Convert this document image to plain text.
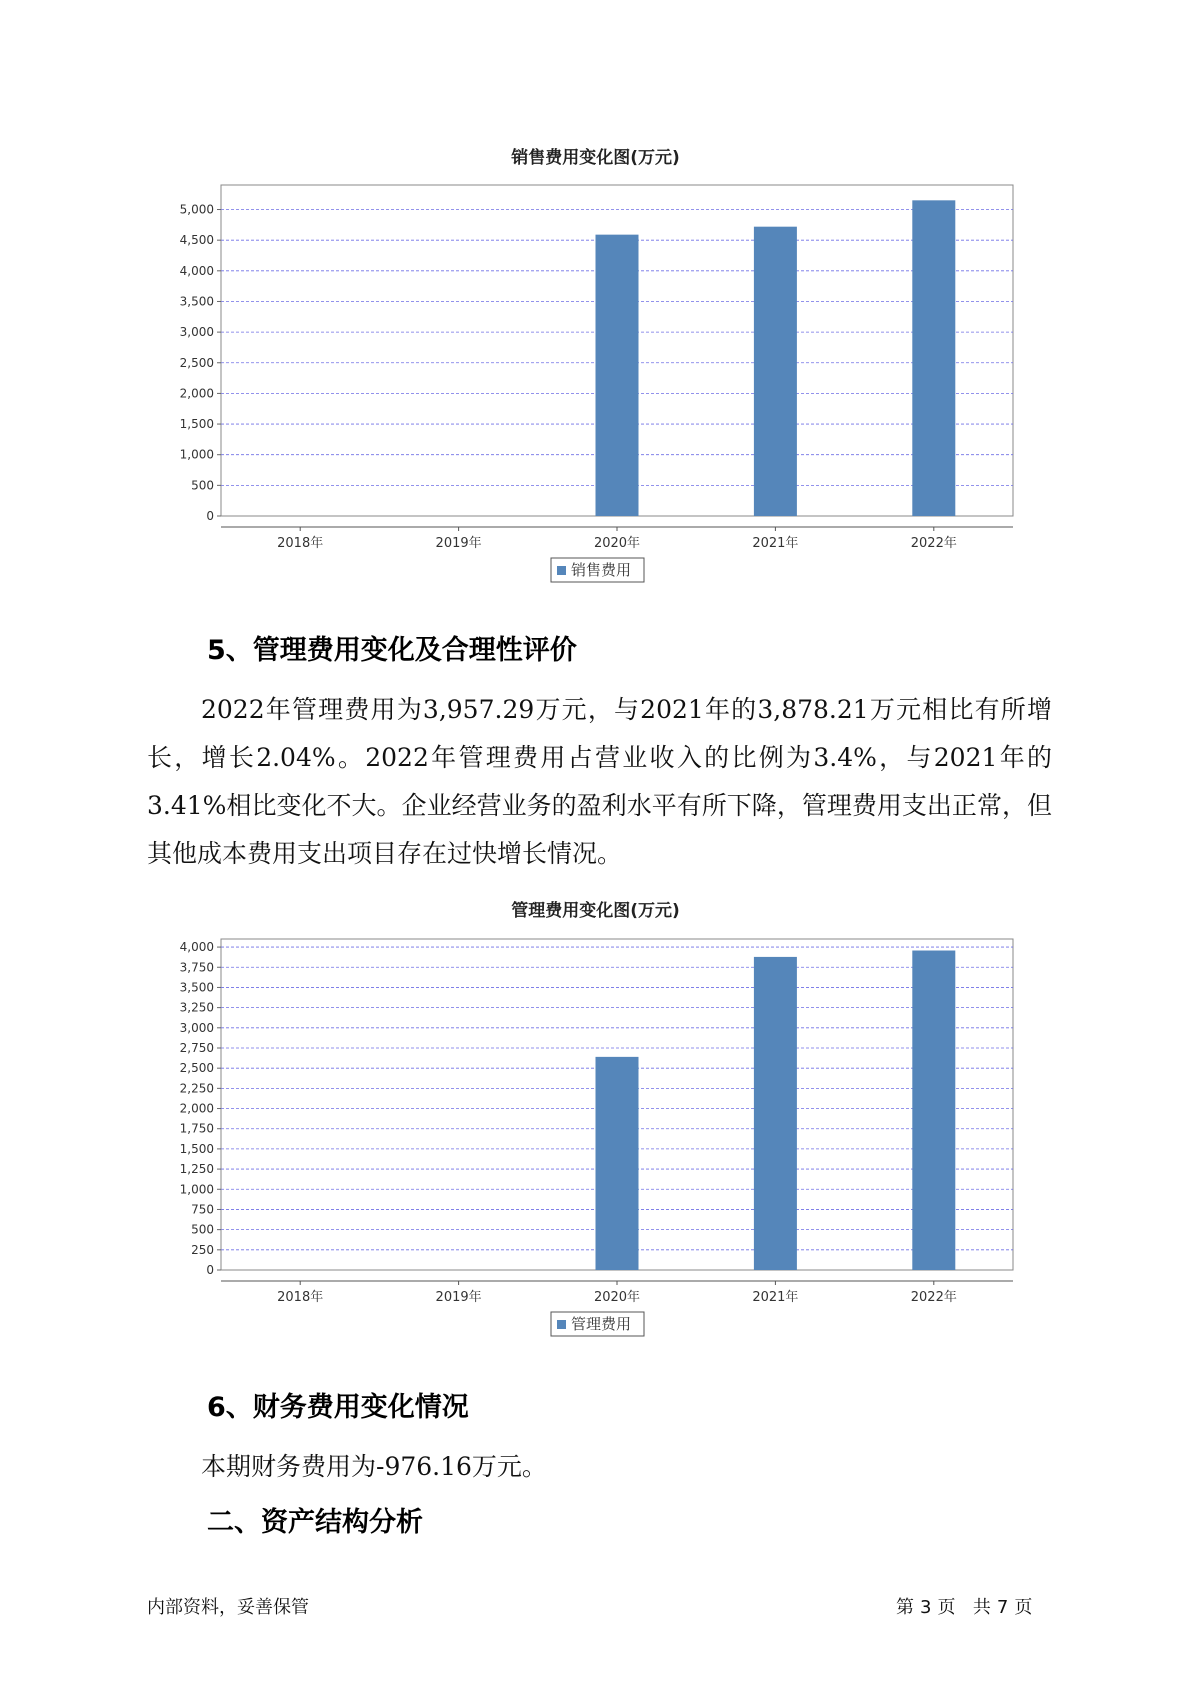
销售费用变化图(万元)
0
500
1,000
1,500
2,000
2,500
3,000
3,500
4,000
4,500
5,000
2018年	2019年	2020年	2021年	2022年
销售费用
5、管理费用变化及合理性评价
2022年管理费用为3,957.29万元，与2021年的3,878.21万元相比有所增长，增长2.04%。2022年管理费用占营业收入的比例为3.4%，与2021年的3.41%相比变化不大。企业经营业务的盈利水平有所下降，管理费用支出正常，但其他成本费用支出项目存在过快增长情况。
管理费用变化图(万元)
0
250
500
750
1,000
1,250
1,500
1,750
2,000
2,250
2,500
2,750
3,000
3,250
3,500
3,750
4,000
2018年	2019年	2020年	2021年	2022年
管理费用
6、财务费用变化情况
本期财务费用为-976.16万元。
二、资产结构分析
内部资料，妥善保管	第 3 页 共 7 页
